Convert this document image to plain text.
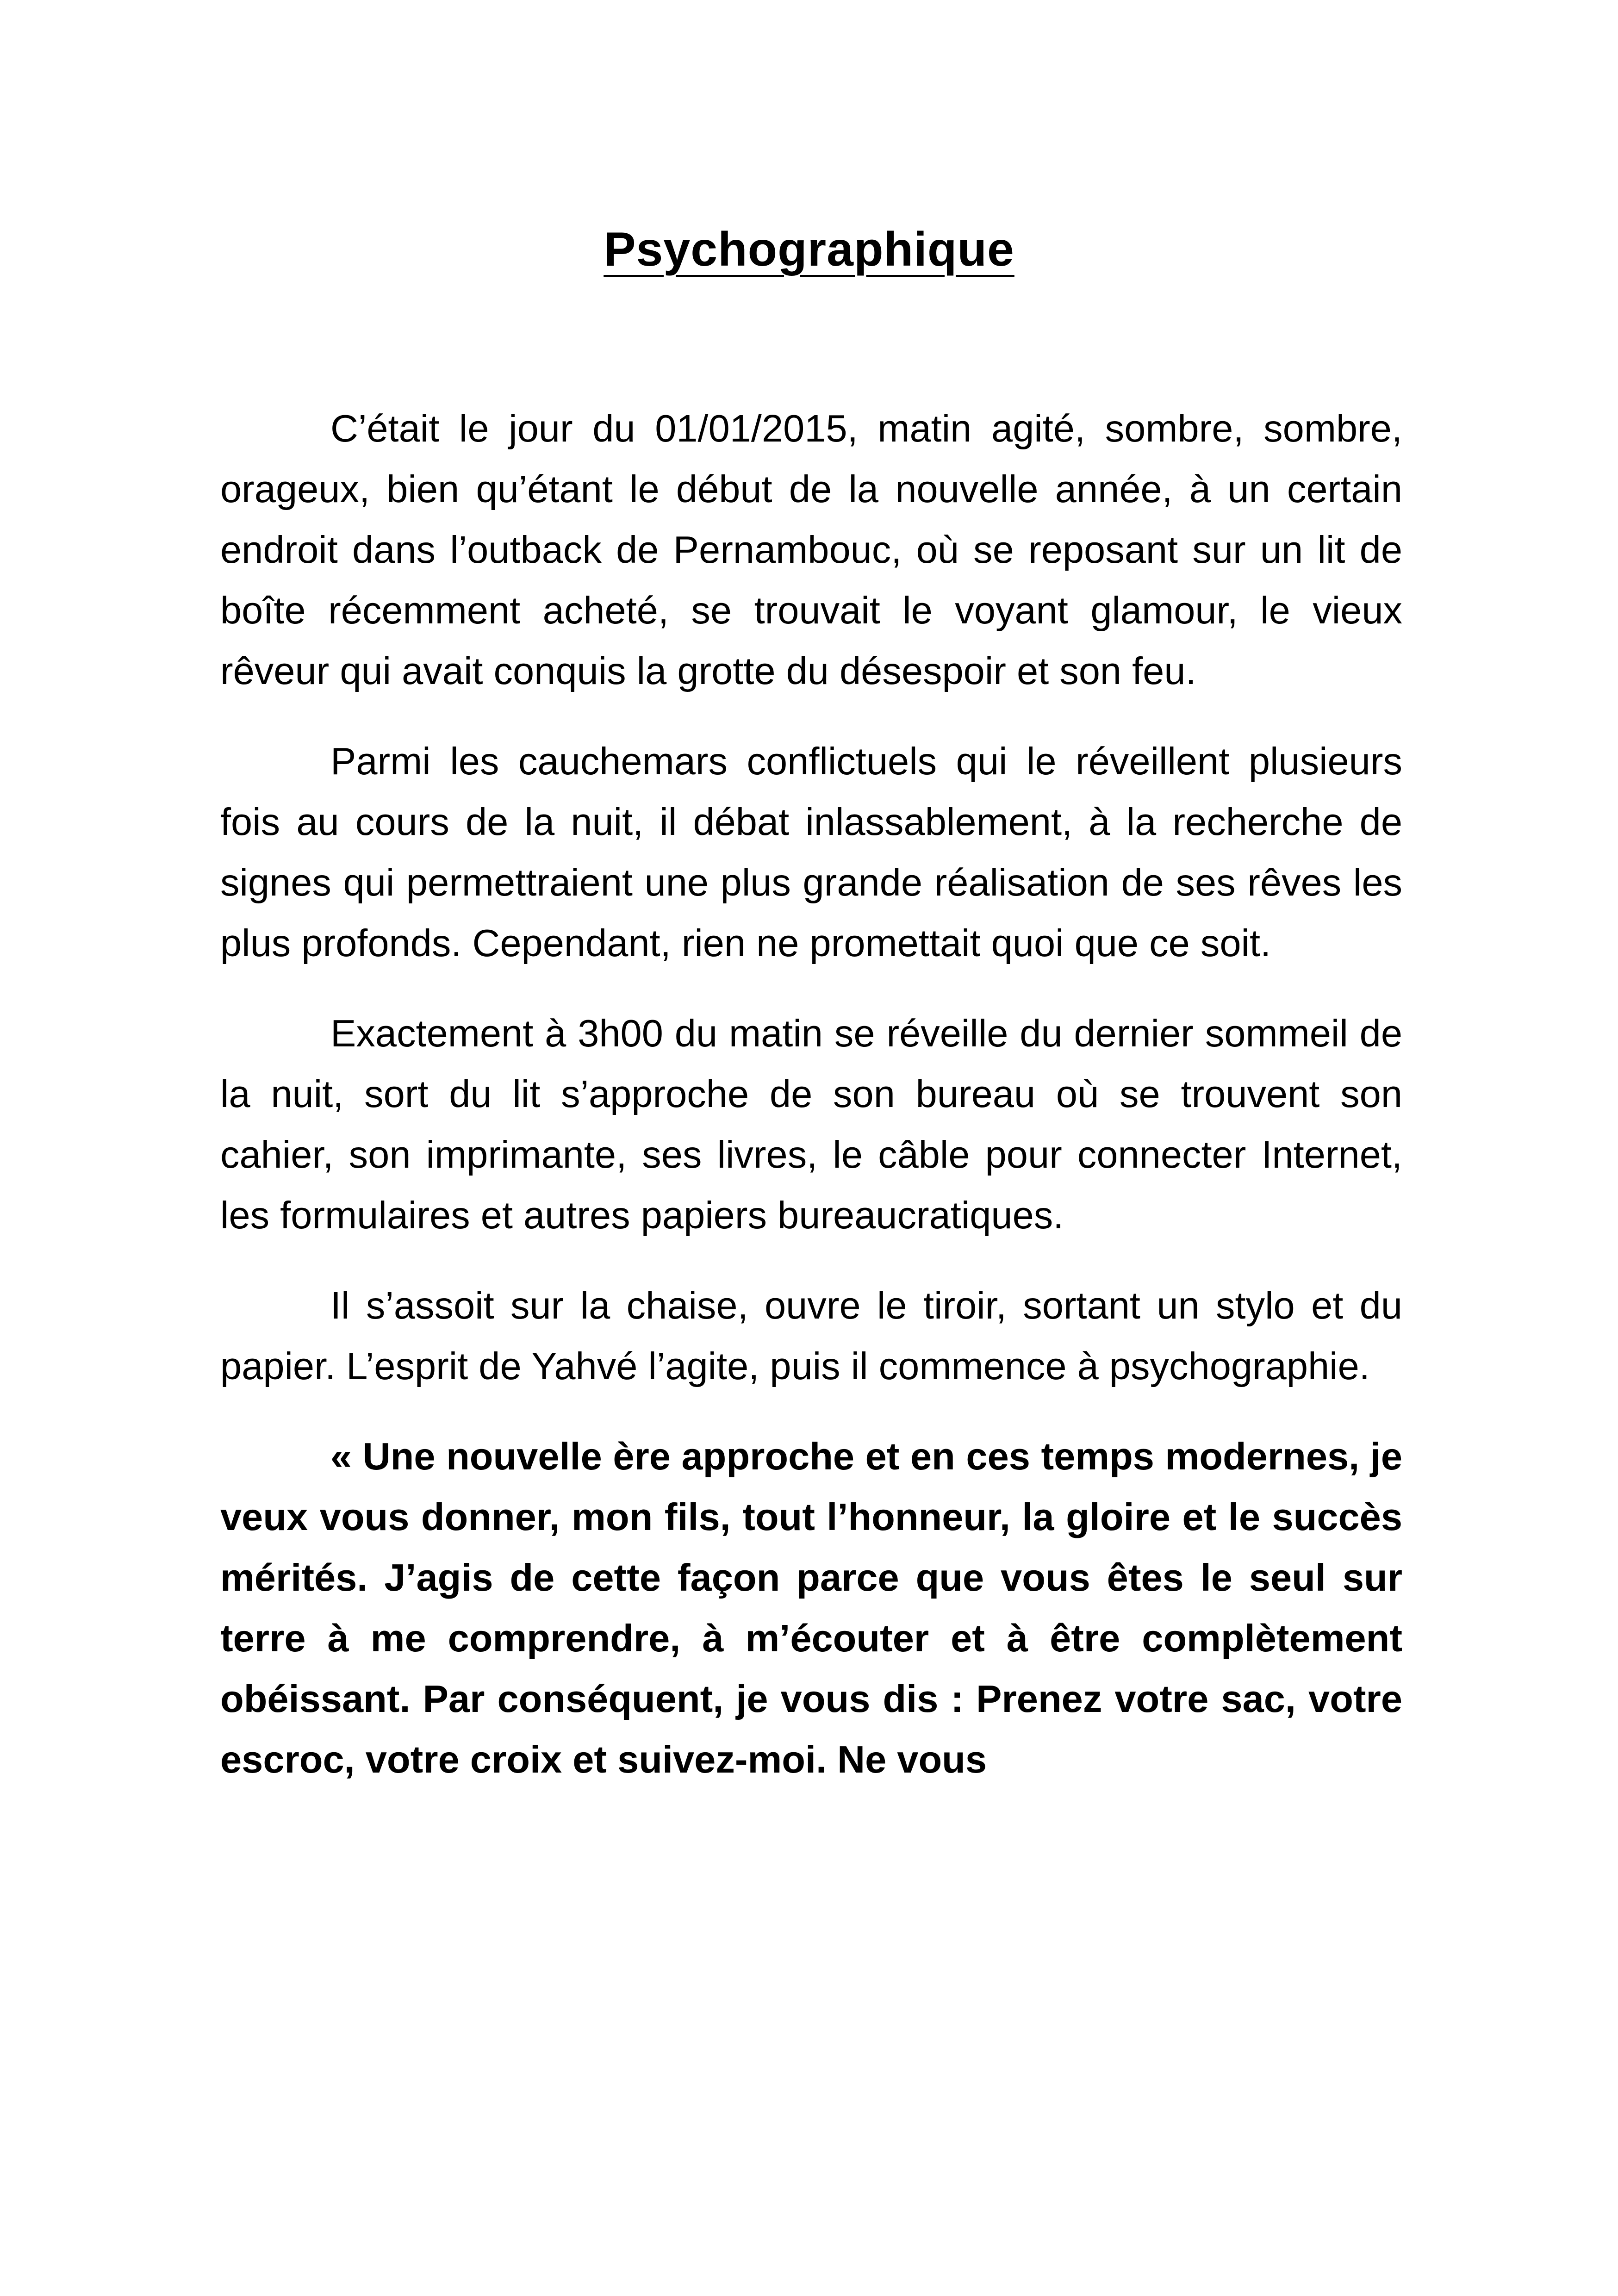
Psychographique

C’était le jour du 01/01/2015, matin agité, sombre, sombre, orageux, bien qu’étant le début de la nouvelle année, à un certain endroit dans l’outback de Pernambouc, où se reposant sur un lit de boîte récemment acheté, se trouvait le voyant glamour, le vieux rêveur qui avait conquis la grotte du désespoir et son feu.

Parmi les cauchemars conflictuels qui le réveillent plusieurs fois au cours de la nuit, il débat inlassablement, à la recherche de signes qui permettraient une plus grande réalisation de ses rêves les plus profonds. Cependant, rien ne promettait quoi que ce soit.

Exactement à 3h00 du matin se réveille du dernier sommeil de la nuit, sort du lit s’approche de son bureau où se trouvent son cahier, son imprimante, ses livres, le câble pour connecter Internet, les formulaires et autres papiers bureaucratiques.

Il s’assoit sur la chaise, ouvre le tiroir, sortant un stylo et du papier. L’esprit de Yahvé l’agite, puis il commence à psychographie.

« Une nouvelle ère approche et en ces temps modernes, je veux vous donner, mon fils, tout l’honneur, la gloire et le succès mérités. J’agis de cette façon parce que vous êtes le seul sur terre à me comprendre, à m’écouter et à être complètement obéissant. Par conséquent, je vous dis : Prenez votre sac, votre escroc, votre croix et suivez-moi. Ne vous
